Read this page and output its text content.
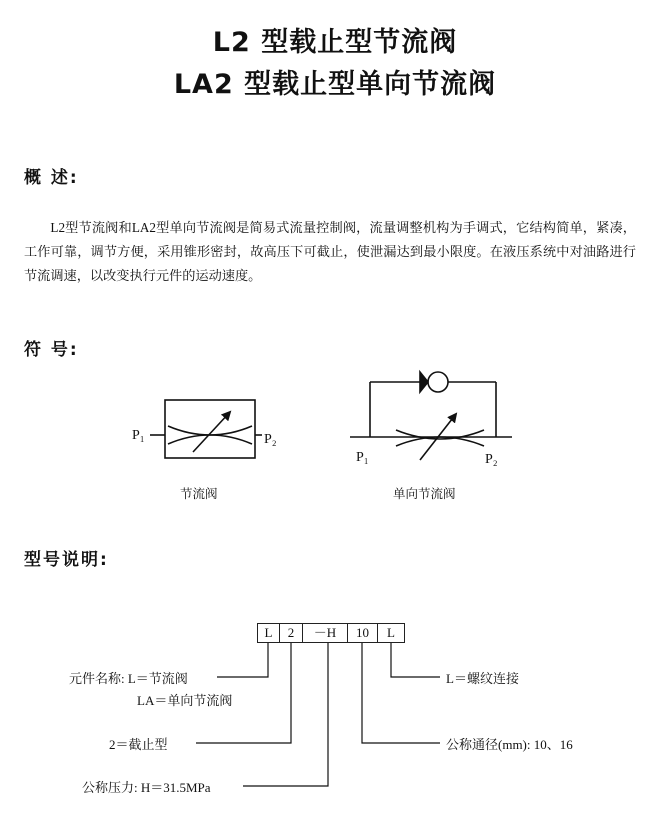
L2 型载止型节流阀
LA2 型载止型单向节流阀
概 述:
L2型节流阀和LA2型单向节流阀是简易式流量控制阀，流量调整机构为手调式，它结构简单，紧凑，工作可靠，调节方便，采用锥形密封，故高压下可截止，使泄漏达到最小限度。在液压系统中对油路进行节流调速，以改变执行元件的运动速度。
符 号:
P₁	P₂
节流阀
P₁	P₂
单向节流阀
型号说明:
L	2	－H	10	L
元件名称: L＝节流阀
LA＝单向节流阀
2＝截止型
公称压力: H＝31.5MPa
L＝螺纹连接
公称通径(mm): 10、16
